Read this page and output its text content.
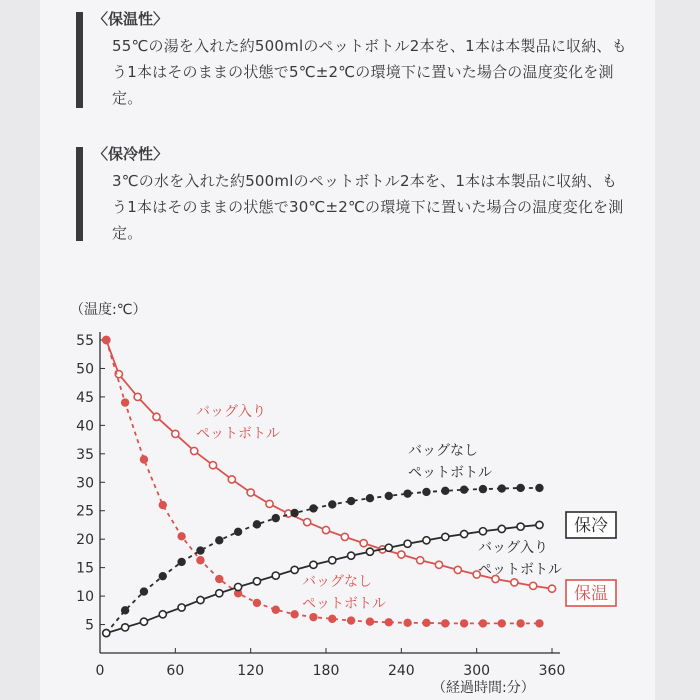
〈保温性〉
55℃の湯を入れた約500mlのペットボトル2本を、1本は本製品に収納、もう1本はそのままの状態で5℃±2℃の環境下に置いた場合の温度変化を測定。
〈保冷性〉
3℃の水を入れた約500mlのペットボトル2本を、1本は本製品に収納、もう1本はそのままの状態で30℃±2℃の環境下に置いた場合の温度変化を測定。
5
10
15
20
25
30
35
40
45
50
55
0	60	120	180	240	300	360
バッグ入り
ペットボトル
バッグなし
ペットボトル
バッグなし
ペットボトル
バッグ入り
ペットボトル
保冷
保温
（温度:℃）
（経過時間:分）
